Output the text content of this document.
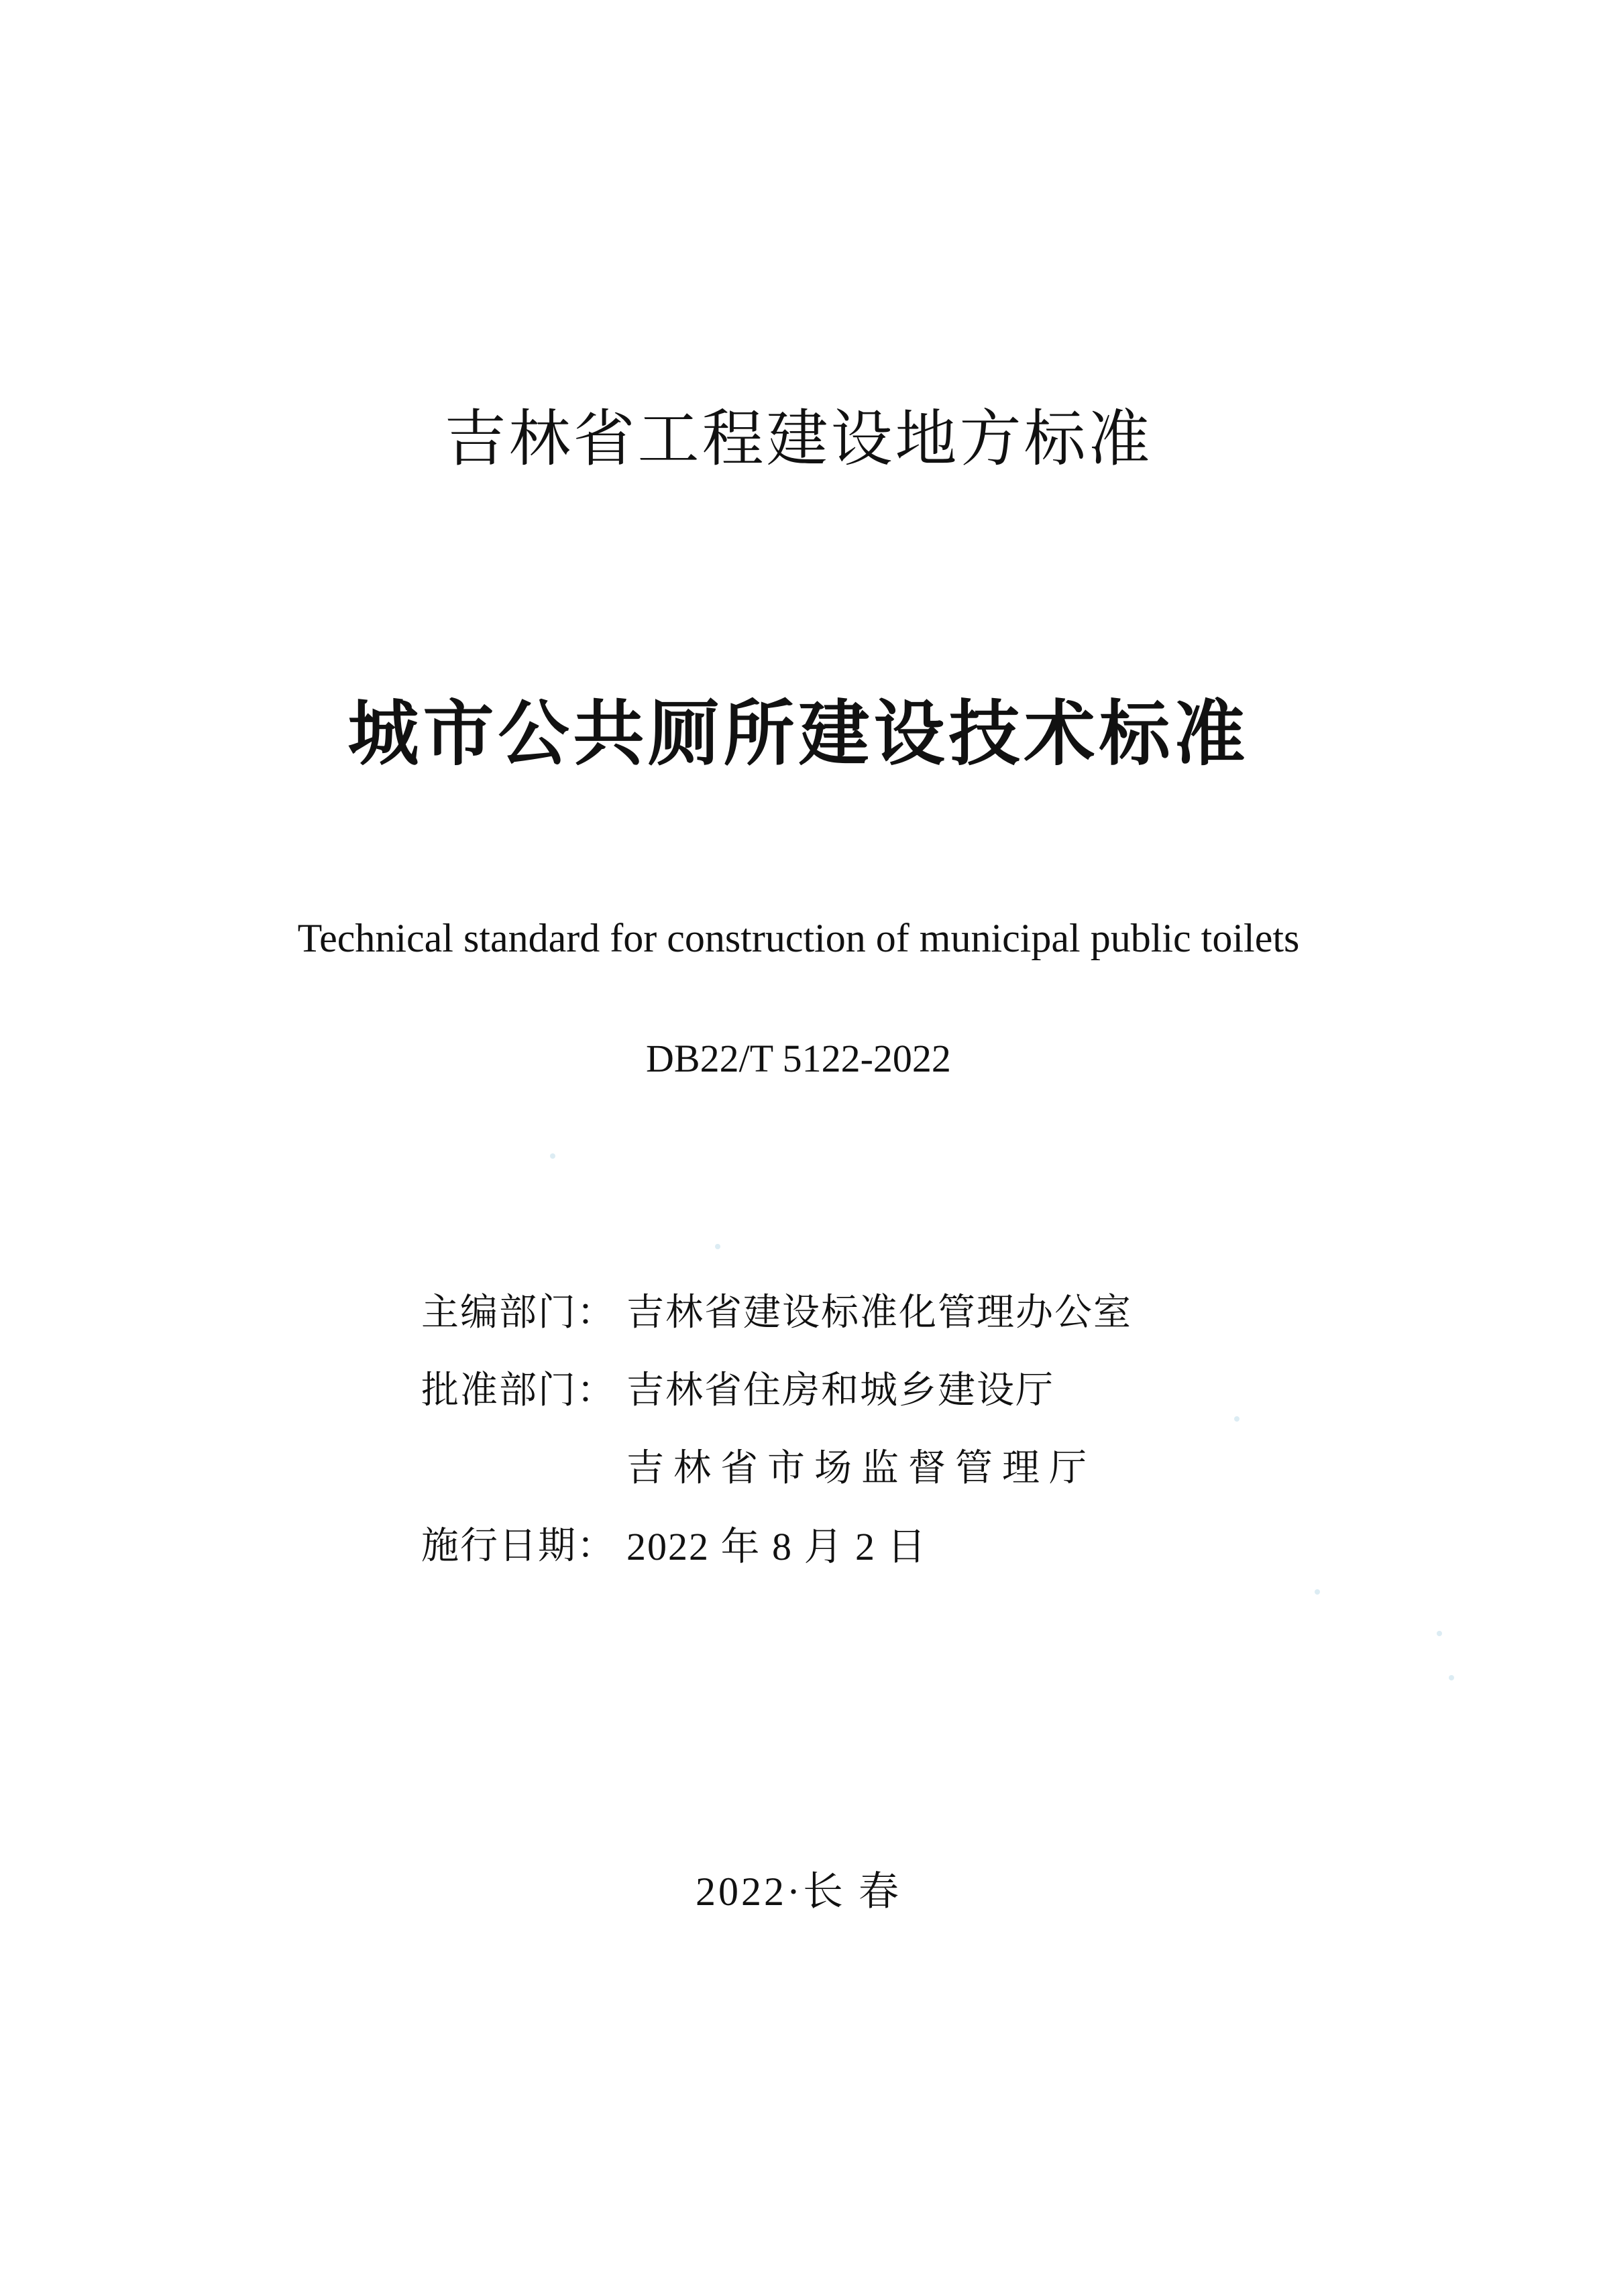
吉林省工程建设地方标准
城市公共厕所建设技术标准
Technical standard for construction of municipal public toilets
DB22/T 5122-2022
主编部门： 吉林省建设标准化管理办公室
批准部门： 吉林省住房和城乡建设厅
吉林省市场监督管理厅
施行日期： 2022 年 8 月 2 日
2022·长 春
